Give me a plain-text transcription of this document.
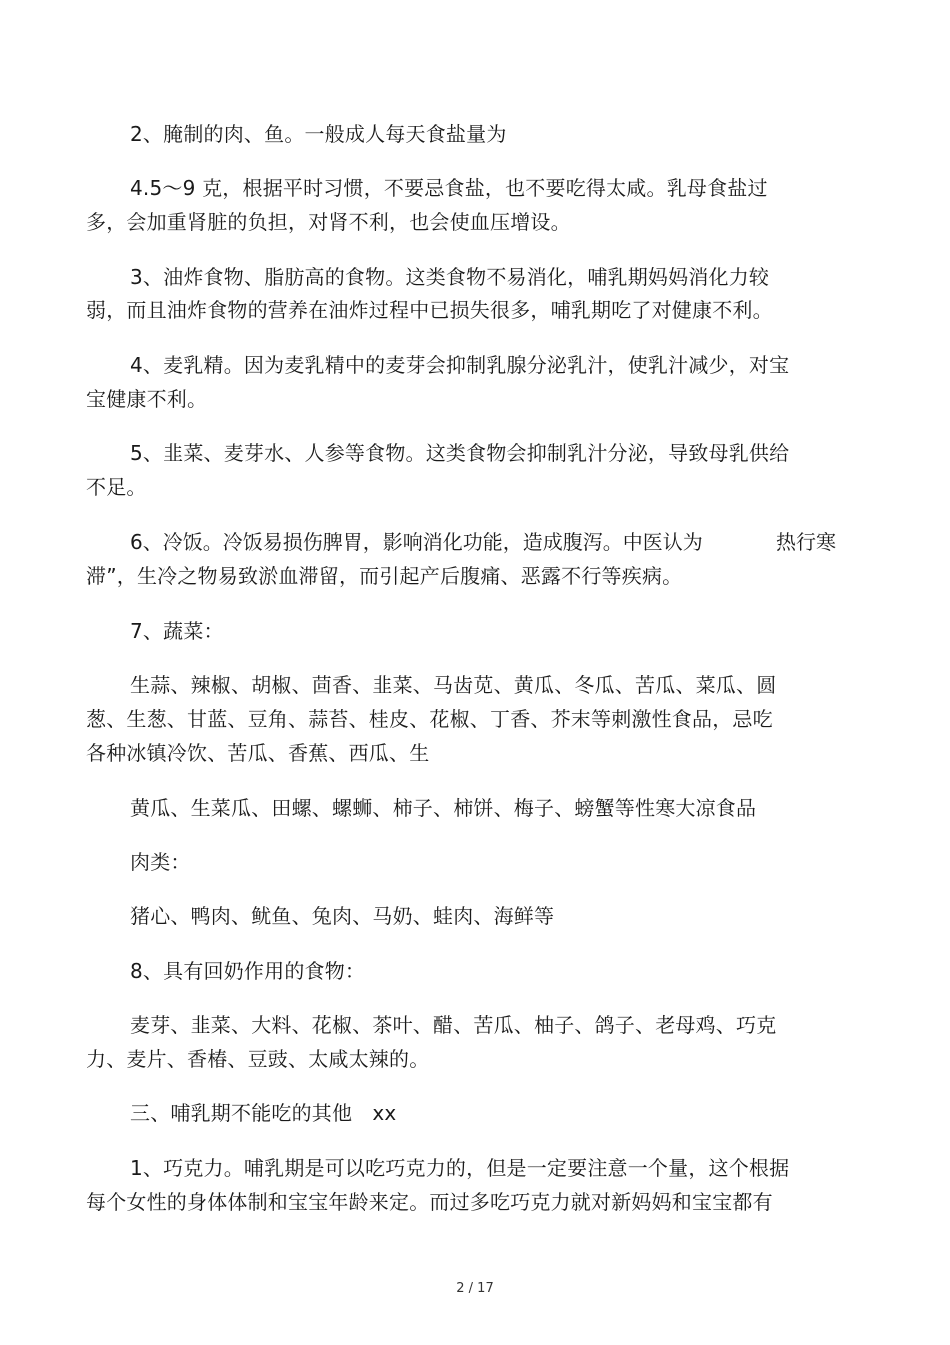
2、腌制的肉、鱼。一般成人每天食盐量为
4.5～9 克，根据平时习惯，不要忌食盐，也不要吃得太咸。乳母食盐过
多，会加重肾脏的负担，对肾不利，也会使血压增设。
3、油炸食物、脂肪高的食物。这类食物不易消化，哺乳期妈妈消化力较
弱，而且油炸食物的营养在油炸过程中已损失很多，哺乳期吃了对健康不利。
4、麦乳精。因为麦乳精中的麦芽会抑制乳腺分泌乳汁，使乳汁减少，对宝
宝健康不利。
5、韭菜、麦芽水、人参等食物。这类食物会抑制乳汁分泌，导致母乳供给
不足。
6、冷饭。冷饭易损伤脾胃，影响消化功能，造成腹泻。中医认为	热行寒
滞”，生冷之物易致淤血滞留，而引起产后腹痛、恶露不行等疾病。
7、蔬菜：
生蒜、辣椒、胡椒、茴香、韭菜、马齿苋、黄瓜、冬瓜、苦瓜、菜瓜、圆
葱、生葱、甘蓝、豆角、蒜苔、桂皮、花椒、丁香、芥末等刺激性食品，忌吃
各种冰镇冷饮、苦瓜、香蕉、西瓜、生
黄瓜、生菜瓜、田螺、螺蛳、柿子、柿饼、梅子、螃蟹等性寒大凉食品
肉类：
猪心、鸭肉、鱿鱼、兔肉、马奶、蛙肉、海鲜等
8、具有回奶作用的食物：
麦芽、韭菜、大料、花椒、茶叶、醋、苦瓜、柚子、鸽子、老母鸡、巧克
力、麦片、香椿、豆豉、太咸太辣的。
三、哺乳期不能吃的其他　xx
1、巧克力。哺乳期是可以吃巧克力的，但是一定要注意一个量，这个根据
每个女性的身体体制和宝宝年龄来定。而过多吃巧克力就对新妈妈和宝宝都有
2 / 17
